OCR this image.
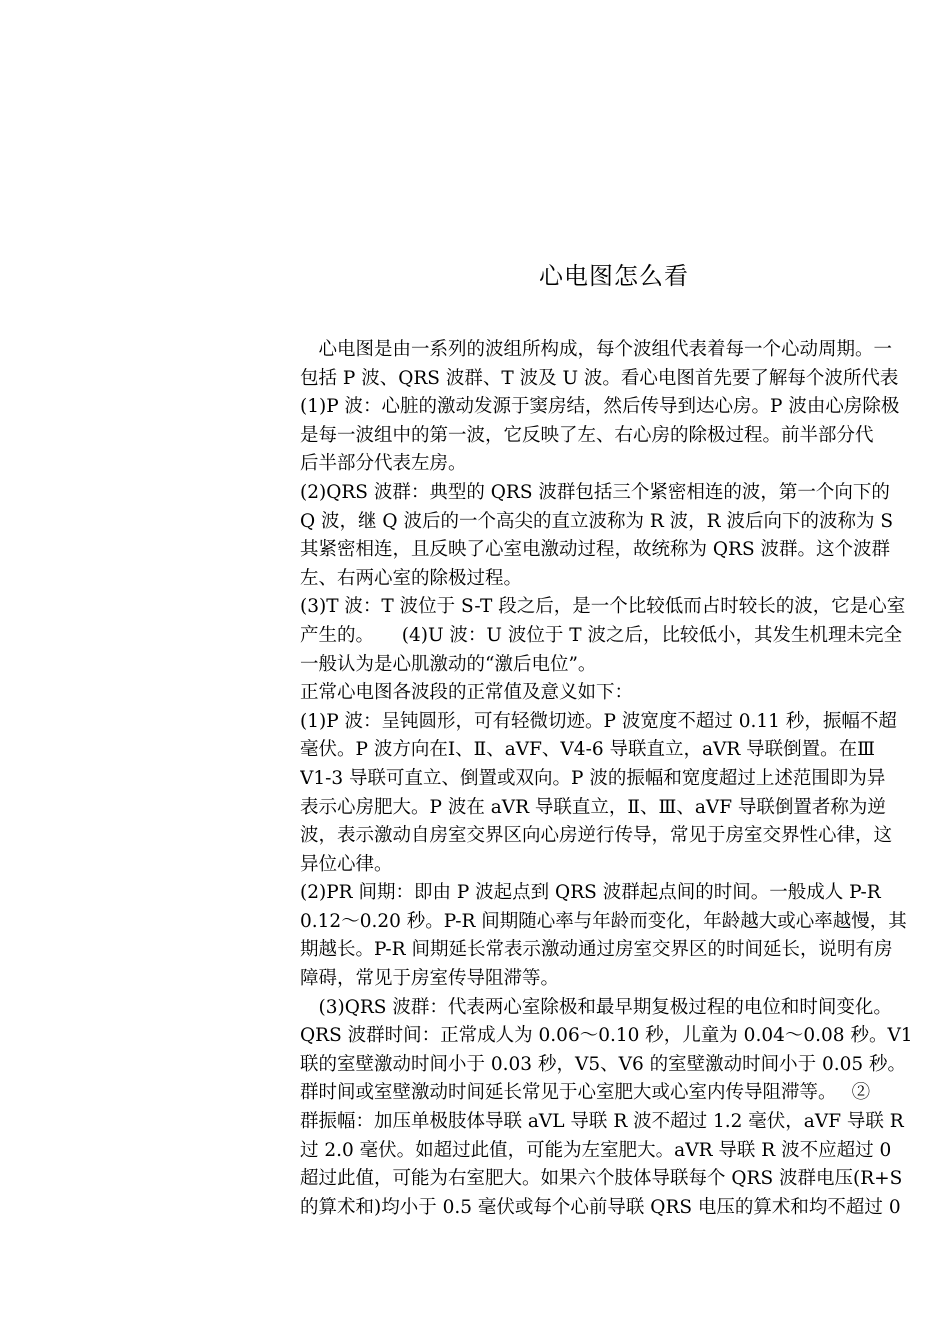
心电图怎么看
　心电图是由一系列的波组所构成，每个波组代表着每一个心动周期。一
包括 P 波、QRS 波群、T 波及 U 波。看心电图首先要了解每个波所代表
(1)P 波：心脏的激动发源于窦房结，然后传导到达心房。P 波由心房除极
是每一波组中的第一波，它反映了左、右心房的除极过程。前半部分代
后半部分代表左房。
(2)QRS 波群：典型的 QRS 波群包括三个紧密相连的波，第一个向下的
Q 波，继 Q 波后的一个高尖的直立波称为 R 波，R 波后向下的波称为 S
其紧密相连，且反映了心室电激动过程，故统称为 QRS 波群。这个波群
左、右两心室的除极过程。
(3)T 波：T 波位于 S-T 段之后，是一个比较低而占时较长的波，它是心室
产生的。　　(4)U 波：U 波位于 T 波之后，比较低小，其发生机理未完全
一般认为是心肌激动的“激后电位”。
正常心电图各波段的正常值及意义如下：
(1)P 波：呈钝圆形，可有轻微切迹。P 波宽度不超过 0.11 秒，振幅不超
毫伏。P 波方向在Ⅰ、Ⅱ、aVF、V4-6 导联直立，aVR 导联倒置。在Ⅲ
V1-3 导联可直立、倒置或双向。P 波的振幅和宽度超过上述范围即为异
表示心房肥大。P 波在 aVR 导联直立，Ⅱ、Ⅲ、aVF 导联倒置者称为逆
波，表示激动自房室交界区向心房逆行传导，常见于房室交界性心律，这
异位心律。
(2)PR 间期：即由 P 波起点到 QRS 波群起点间的时间。一般成人 P-R
0.12～0.20 秒。P-R 间期随心率与年龄而变化，年龄越大或心率越慢，其
期越长。P-R 间期延长常表示激动通过房室交界区的时间延长，说明有房
障碍，常见于房室传导阻滞等。
　(3)QRS 波群：代表两心室除极和最早期复极过程的电位和时间变化。
QRS 波群时间：正常成人为 0.06～0.10 秒，儿童为 0.04～0.08 秒。V1
联的室壁激动时间小于 0.03 秒，V5、V6 的室壁激动时间小于 0.05 秒。
群时间或室壁激动时间延长常见于心室肥大或心室内传导阻滞等。　 ②
群振幅：加压单极肢体导联 aVL 导联 R 波不超过 1.2 毫伏，aVF 导联 R
过 2.0 毫伏。如超过此值，可能为左室肥大。aVR 导联 R 波不应超过 0
超过此值，可能为右室肥大。如果六个肢体导联每个 QRS 波群电压(R+S
的算术和)均小于 0.5 毫伏或每个心前导联 QRS 电压的算术和均不超过 0
